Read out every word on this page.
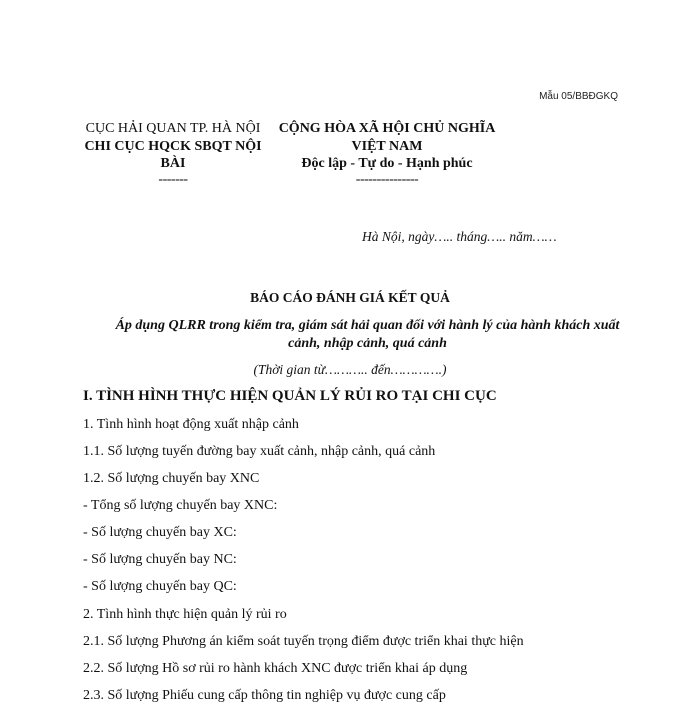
Mẫu 05/BBĐGKQ
CỤC HẢI QUAN TP. HÀ NỘI
CHI CỤC HQCK SBQT NỘI BÀI
-------
CỘNG HÒA XÃ HỘI CHỦ NGHĨA VIỆT NAM
Độc lập - Tự do - Hạnh phúc
---------------
Hà Nội, ngày….. tháng….. năm……
BÁO CÁO ĐÁNH GIÁ KẾT QUẢ
Áp dụng QLRR trong kiểm tra, giám sát hải quan đối với hành lý của hành khách xuất cảnh, nhập cảnh, quá cảnh
(Thời gian từ……….. đến………….)
I. TÌNH HÌNH THỰC HIỆN QUẢN LÝ RỦI RO TẠI CHI CỤC
1. Tình hình hoạt động xuất nhập cảnh
1.1. Số lượng tuyến đường bay xuất cảnh, nhập cảnh, quá cảnh
1.2. Số lượng chuyến bay XNC
- Tổng số lượng chuyến bay XNC:
- Số lượng chuyến bay XC:
- Số lượng chuyến bay NC:
- Số lượng chuyến bay QC:
2. Tình hình thực hiện quản lý rủi ro
2.1. Số lượng Phương án kiểm soát tuyến trọng điểm được triển khai thực hiện
2.2. Số lượng Hồ sơ rủi ro hành khách XNC được triển khai áp dụng
2.3. Số lượng Phiếu cung cấp thông tin nghiệp vụ được cung cấp
